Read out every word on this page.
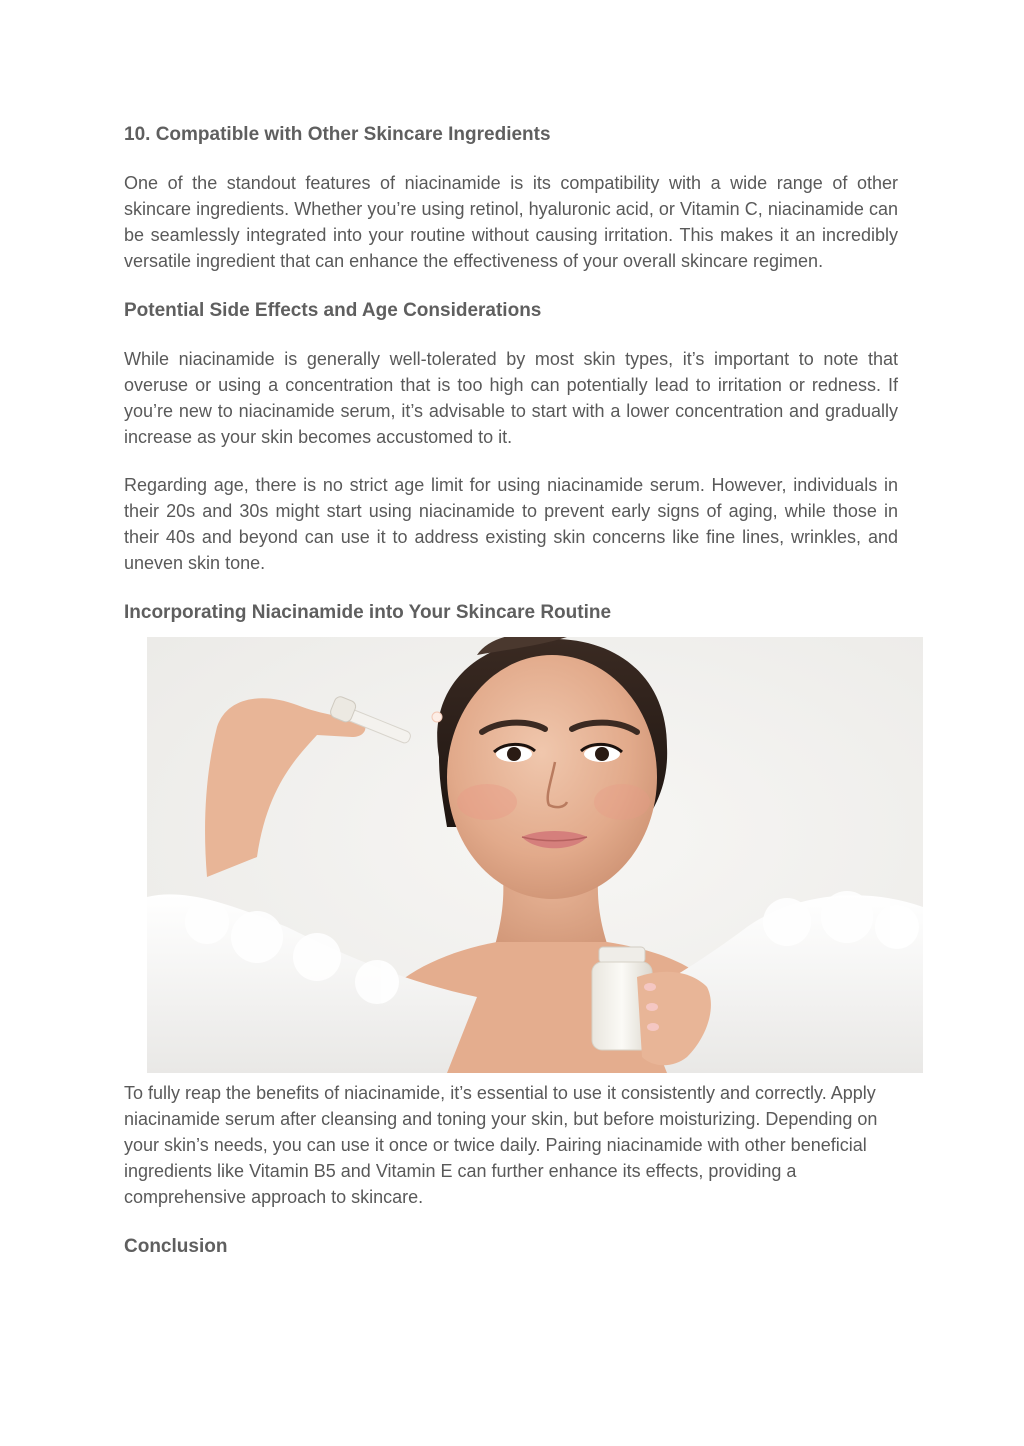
10. Compatible with Other Skincare Ingredients

One of the standout features of niacinamide is its compatibility with a wide range of other skincare ingredients. Whether you’re using retinol, hyaluronic acid, or Vitamin C, niacinamide can be seamlessly integrated into your routine without causing irritation. This makes it an incredibly versatile ingredient that can enhance the effectiveness of your overall skincare regimen.

Potential Side Effects and Age Considerations

While niacinamide is generally well-tolerated by most skin types, it’s important to note that overuse or using a concentration that is too high can potentially lead to irritation or redness. If you’re new to niacinamide serum, it’s advisable to start with a lower concentration and gradually increase as your skin becomes accustomed to it.

Regarding age, there is no strict age limit for using niacinamide serum. However, individuals in their 20s and 30s might start using niacinamide to prevent early signs of aging, while those in their 40s and beyond can use it to address existing skin concerns like fine lines, wrinkles, and uneven skin tone.

Incorporating Niacinamide into Your Skincare Routine

To fully reap the benefits of niacinamide, it’s essential to use it consistently and correctly. Apply niacinamide serum after cleansing and toning your skin, but before moisturizing. Depending on your skin’s needs, you can use it once or twice daily. Pairing niacinamide with other beneficial ingredients like Vitamin B5 and Vitamin E can further enhance its effects, providing a comprehensive approach to skincare.

Conclusion
